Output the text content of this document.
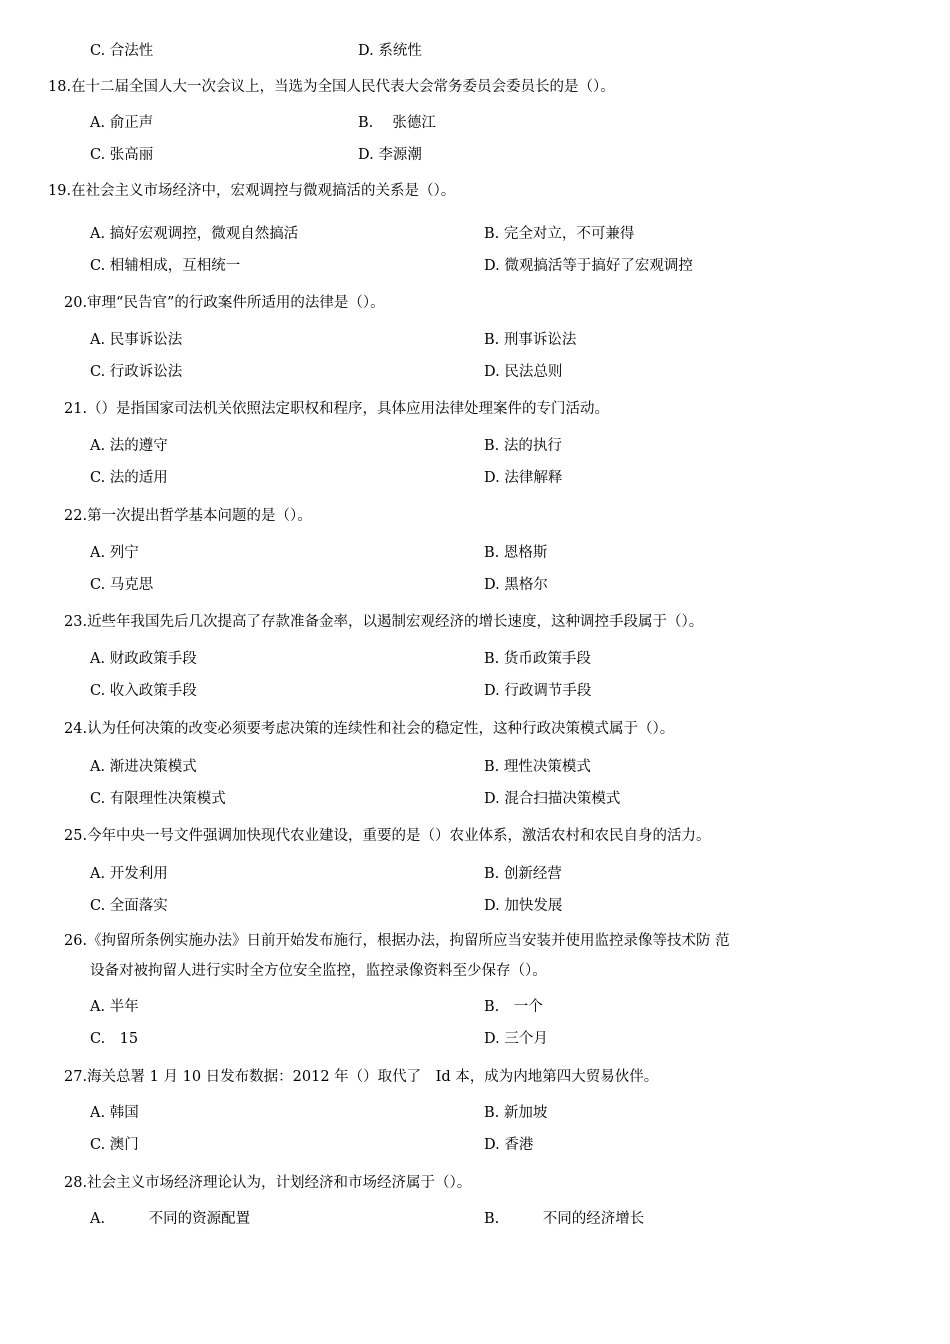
C. 合法性	D. 系统性
18.在十二届全国人大一次会议上，当选为全国人民代表大会常务委员会委员长的是（）。
A. 俞正声	B.　 张德江
C. 张高丽	D. 李源潮
19.在社会主义市场经济中，宏观调控与微观搞活的关系是（）。
A. 搞好宏观调控，微观自然搞活	B. 完全对立，不可兼得
C. 相辅相成，互相统一	D. 微观搞活等于搞好了宏观调控
20.审理“民告官”的行政案件所适用的法律是（）。
A. 民事诉讼法	B. 刑事诉讼法
C. 行政诉讼法	D. 民法总则
21.（）是指国家司法机关依照法定职权和程序，具体应用法律处理案件的专门活动。
A. 法的遵守	B. 法的执行
C. 法的适用	D. 法律解释
22.第一次提出哲学基本问题的是（）。
A. 列宁	B. 恩格斯
C. 马克思	D. 黑格尔
23.近些年我国先后几次提高了存款准备金率，以遏制宏观经济的增长速度，这种调控手段属于（）。
A. 财政政策手段	B. 货币政策手段
C. 收入政策手段	D. 行政调节手段
24.认为任何决策的改变必须要考虑决策的连续性和社会的稳定性，这种行政决策模式属于（）。
A. 渐进决策模式	B. 理性决策模式
C. 有限理性决策模式	D. 混合扫描决策模式
25.今年中央一号文件强调加快现代农业建设，重要的是（）农业体系，激活农村和农民自身的活力。
A. 开发利用	B. 创新经营
C. 全面落实	D. 加快发展
26.《拘留所条例实施办法》日前开始发布施行，根据办法，拘留所应当安装并使用监控录像等技术防 范
设备对被拘留人进行实时全方位安全监控，监控录像资料至少保存（）。
A. 半年	B.　一个
C.　15	D. 三个月
27.海关总署 1 月 10 日发布数据：2012 年（）取代了　Id 本，成为内地第四大贸易伙伴。
A. 韩国	B. 新加坡
C. 澳门	D. 香港
28.社会主义市场经济理论认为，计划经济和市场经济属于（）。
A.　　　不同的资源配置	B.　　　不同的经济增长
